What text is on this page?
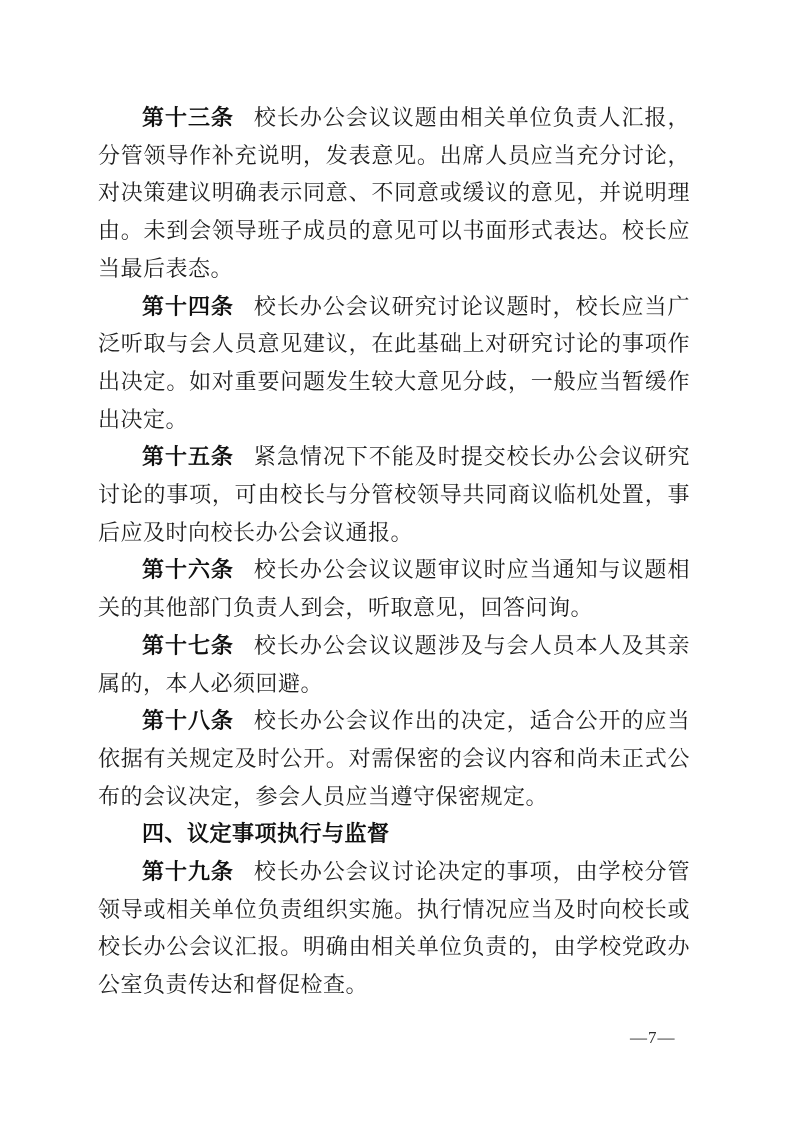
第十三条 校长办公会议议题由相关单位负责人汇报，分管领导作补充说明，发表意见。出席人员应当充分讨论，对决策建议明确表示同意、不同意或缓议的意见，并说明理由。未到会领导班子成员的意见可以书面形式表达。校长应当最后表态。

第十四条 校长办公会议研究讨论议题时，校长应当广泛听取与会人员意见建议，在此基础上对研究讨论的事项作出决定。如对重要问题发生较大意见分歧，一般应当暂缓作出决定。

第十五条 紧急情况下不能及时提交校长办公会议研究讨论的事项，可由校长与分管校领导共同商议临机处置，事后应及时向校长办公会议通报。

第十六条 校长办公会议议题审议时应当通知与议题相关的其他部门负责人到会，听取意见，回答问询。

第十七条 校长办公会议议题涉及与会人员本人及其亲属的，本人必须回避。

第十八条 校长办公会议作出的决定，适合公开的应当依据有关规定及时公开。对需保密的会议内容和尚未正式公布的会议决定，参会人员应当遵守保密规定。

四、议定事项执行与监督

第十九条 校长办公会议讨论决定的事项，由学校分管领导或相关单位负责组织实施。执行情况应当及时向校长或校长办公会议汇报。明确由相关单位负责的，由学校党政办公室负责传达和督促检查。

—7—
